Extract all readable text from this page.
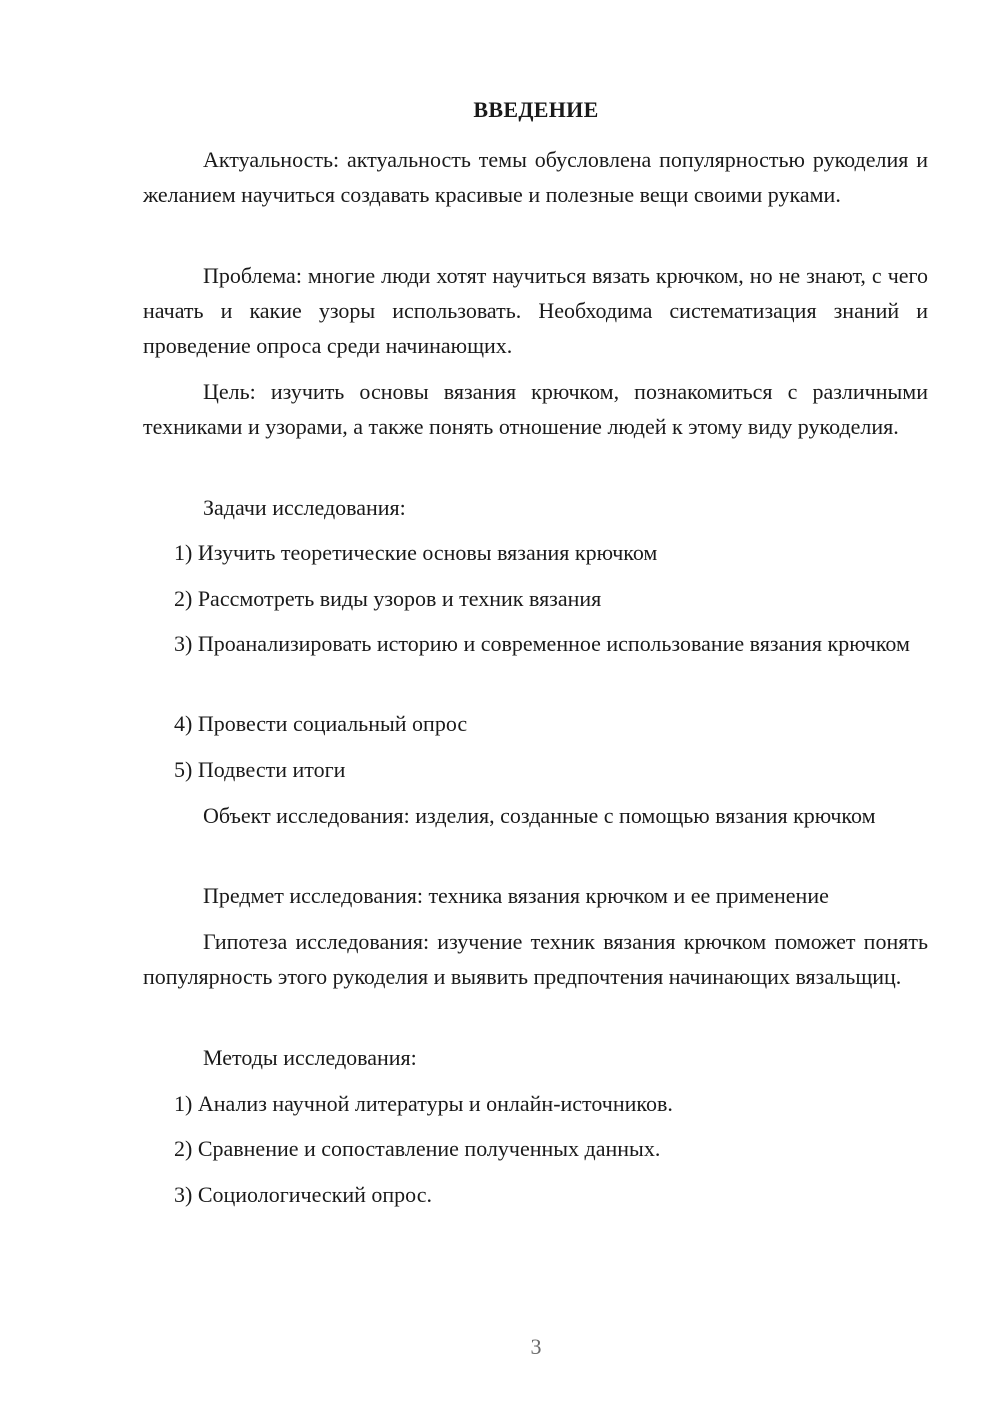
ВВЕДЕНИЕ

Актуальность: актуальность темы обусловлена популярностью рукоделия и желанием научиться создавать красивые и полезные вещи своими руками.

Проблема: многие люди хотят научиться вязать крючком, но не знают, с чего начать и какие узоры использовать. Необходима систематизация знаний и проведение опроса среди начинающих.

Цель: изучить основы вязания крючком, познакомиться с различными техниками и узорами, а также понять отношение людей к этому виду рукоделия.

Задачи исследования:

1) Изучить теоретические основы вязания крючком

2) Рассмотреть виды узоров и техник вязания

3) Проанализировать историю и современное использование вязания крючком

4) Провести социальный опрос

5) Подвести итоги

Объект исследования: изделия, созданные с помощью вязания крючком

Предмет исследования: техника вязания крючком и ее применение

Гипотеза исследования: изучение техник вязания крючком поможет понять популярность этого рукоделия и выявить предпочтения начинающих вязальщиц.

Методы исследования:

1) Анализ научной литературы и онлайн-источников.

2) Сравнение и сопоставление полученных данных.

3) Социологический опрос.

3
